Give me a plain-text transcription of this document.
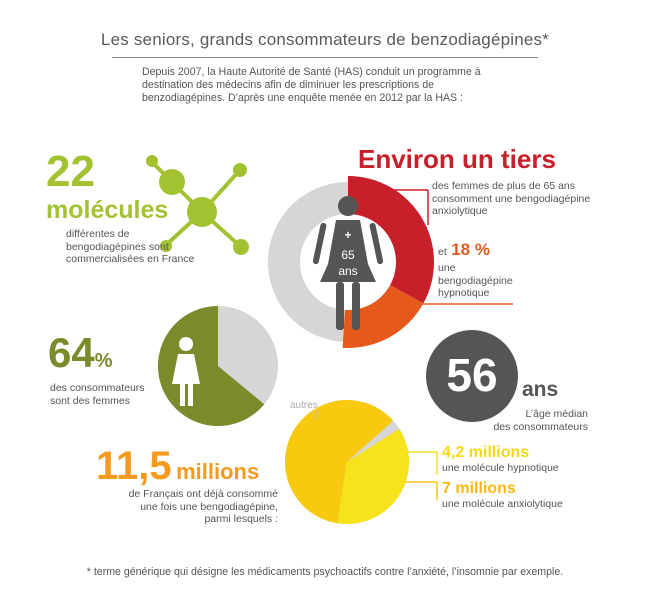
Les seniors, grands consommateurs de benzodiagépines*
Depuis 2007, la Haute Autorité de Santé (HAS) conduit un programme à
destination des médecins afin de diminuer les prescriptions de
benzodiagépines. D’après une enquête menée en 2012 par la HAS :
+
65
ans
22
molécules
différentes de
bengodiagépines sont
commercialisées en France
Environ un tiers
des femmes de plus de 65 ans
consomment une bengodiagépine
anxiolytique
et 18 %
une
bengodiagépine
hypnotique
64%
des consommateurs
sont des femmes	56	ans
L’âge médian
des consommateurs
11,5 millions
de Français ont déjà consommé
une fois une bengodiagépine,
parmi lesquels :
autres
4,2 millions
une molécule hypnotique
7 millions
une molécule anxiolytique
* terme générique qui désigne les médicaments psychoactifs contre l’anxiété, l’insomnie par exemple.
